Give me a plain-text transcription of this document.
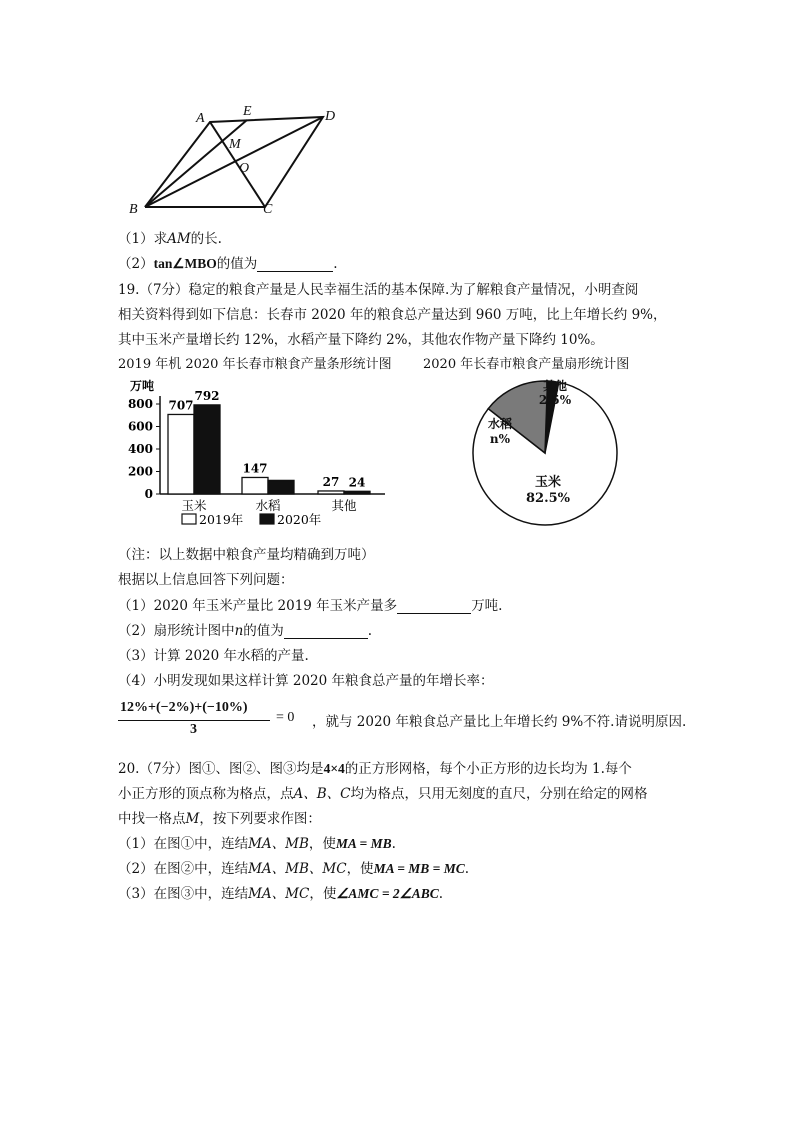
A	E	D
M
O
B	C
（1）求AM的长.
（2）tan∠MBO的值为	.
19.（7分）稳定的粮食产量是人民幸福生活的基本保障.为了解粮食产量情况，小明查阅
相关资料得到如下信息：长春市 2020 年的粮食总产量达到 960 万吨，比上年增长约 9%，
其中玉米产量增长约 12%，水稻产量下降约 2%，其他农作物产量下降约 10%。
2019 年机 2020 年长春市粮食产量条形统计图 2020 年长春市粮食产量扇形统计图
万吨
0
200
400
600
800 707
792
玉米
147
水稻
27 24
其他
2019年	2020年
玉米
82.5%
水稻
n%
其他
2.5%
（注：以上数据中粮食产量均精确到万吨）
根据以上信息回答下列问题：
（1）2020 年玉米产量比 2019 年玉米产量多	万吨.
（2）扇形统计图中n的值为	.
（3）计算 2020 年水稻的产量.
（4）小明发现如果这样计算 2020 年粮食总产量的年增长率：
12%+(−2%)+(−10%)
3
= 0 ，就与 2020 年粮食总产量比上年增长约 9%不符.请说明原因.
20.（7分）图①、图②、图③均是4×4的正方形网格，每个小正方形的边长均为 1.每个
小正方形的顶点称为格点，点A、B、C均为格点，只用无刻度的直尺，分别在给定的网格
中找一格点M，按下列要求作图：
（1）在图①中，连结MA、MB，使MA = MB.
（2）在图②中，连结MA、MB、MC，使MA = MB = MC.
（3）在图③中，连结MA、MC，使∠AMC = 2∠ABC.
